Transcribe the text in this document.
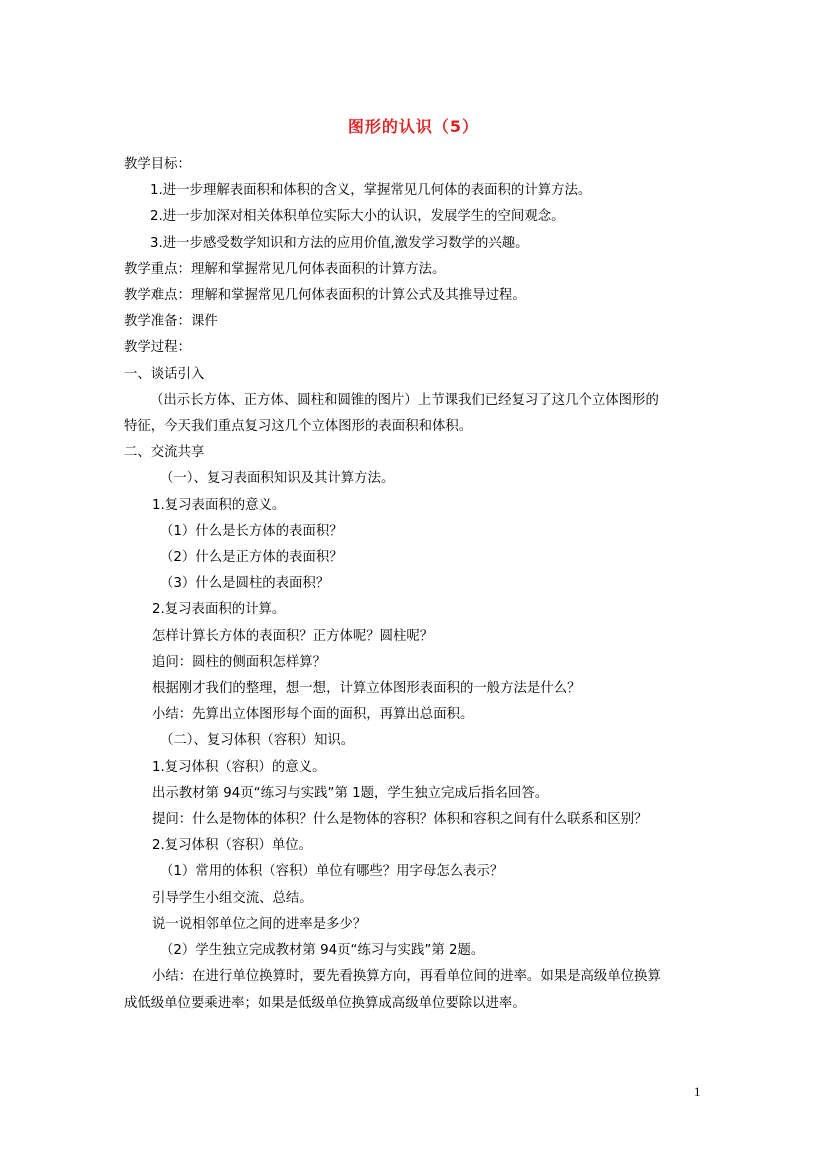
图形的认识（5）
教学目标：
1.进一步理解表面积和体积的含义，掌握常见几何体的表面积的计算方法。
2.进一步加深对相关体积单位实际大小的认识，发展学生的空间观念。
3.进一步感受数学知识和方法的应用价值,激发学习数学的兴趣。
教学重点：理解和掌握常见几何体表面积的计算方法。
教学难点：理解和掌握常见几何体表面积的计算公式及其推导过程。
教学准备：课件
教学过程：
一、谈话引入
（出示长方体、正方体、圆柱和圆锥的图片）上节课我们已经复习了这几个立体图形的
特征，今天我们重点复习这几个立体图形的表面积和体积。
二、交流共享
（一）、复习表面积知识及其计算方法。
1.复习表面积的意义。
（1）什么是长方体的表面积？
（2）什么是正方体的表面积？
（3）什么是圆柱的表面积？
2.复习表面积的计算。
怎样计算长方体的表面积？正方体呢？圆柱呢？
追问：圆柱的侧面积怎样算？
根据刚才我们的整理，想一想，计算立体图形表面积的一般方法是什么？
小结：先算出立体图形每个面的面积，再算出总面积。
（二）、复习体积（容积）知识。
1.复习体积（容积）的意义。
出示教材第 94页“练习与实践”第 1题，学生独立完成后指名回答。
提问：什么是物体的体积？什么是物体的容积？体积和容积之间有什么联系和区别？
2.复习体积（容积）单位。
（1）常用的体积（容积）单位有哪些？用字母怎么表示？
引导学生小组交流、总结。
说一说相邻单位之间的进率是多少？
（2）学生独立完成教材第 94页“练习与实践”第 2题。
小结：在进行单位换算时，要先看换算方向，再看单位间的进率。如果是高级单位换算
成低级单位要乘进率；如果是低级单位换算成高级单位要除以进率。
1
